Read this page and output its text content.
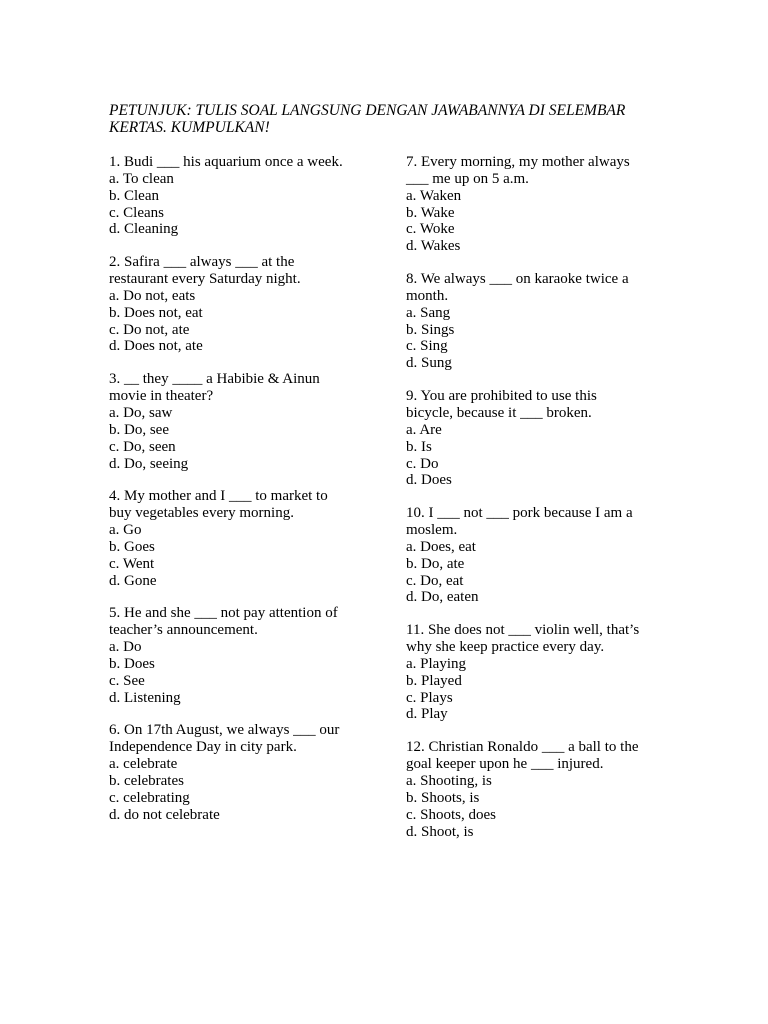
PETUNJUK: TULIS SOAL LANGSUNG DENGAN JAWABANNYA DI SELEMBAR KERTAS. KUMPULKAN!
1. Budi ___ his aquarium once a week.
a. To clean
b. Clean
c. Cleans
d. Cleaning
2. Safira ___ always ___ at the
restaurant every Saturday night.
a. Do not, eats
b. Does not, eat
c. Do not, ate
d. Does not, ate
3. __ they ____ a Habibie & Ainun
movie in theater?
a. Do, saw
b. Do, see
c. Do, seen
d. Do, seeing
4. My mother and I ___ to market to
buy vegetables every morning.
a. Go
b. Goes
c. Went
d. Gone
5. He and she ___ not pay attention of
teacher’s announcement.
a. Do
b. Does
c. See
d. Listening
6. On 17th August, we always ___ our
Independence Day in city park.
a. celebrate
b. celebrates
c. celebrating
d. do not celebrate
7. Every morning, my mother always
___ me up on 5 a.m.
a. Waken
b. Wake
c. Woke
d. Wakes
8. We always ___ on karaoke twice a
month.
a. Sang
b. Sings
c. Sing
d. Sung
9. You are prohibited to use this
bicycle, because it ___ broken.
a. Are
b. Is
c. Do
d. Does
10. I ___ not ___ pork because I am a
moslem.
a. Does, eat
b. Do, ate
c. Do, eat
d. Do, eaten
11. She does not ___ violin well, that’s
why she keep practice every day.
a. Playing
b. Played
c. Plays
d. Play
12. Christian Ronaldo ___ a ball to the
goal keeper upon he ___ injured.
a. Shooting, is
b. Shoots, is
c. Shoots, does
d. Shoot, is
